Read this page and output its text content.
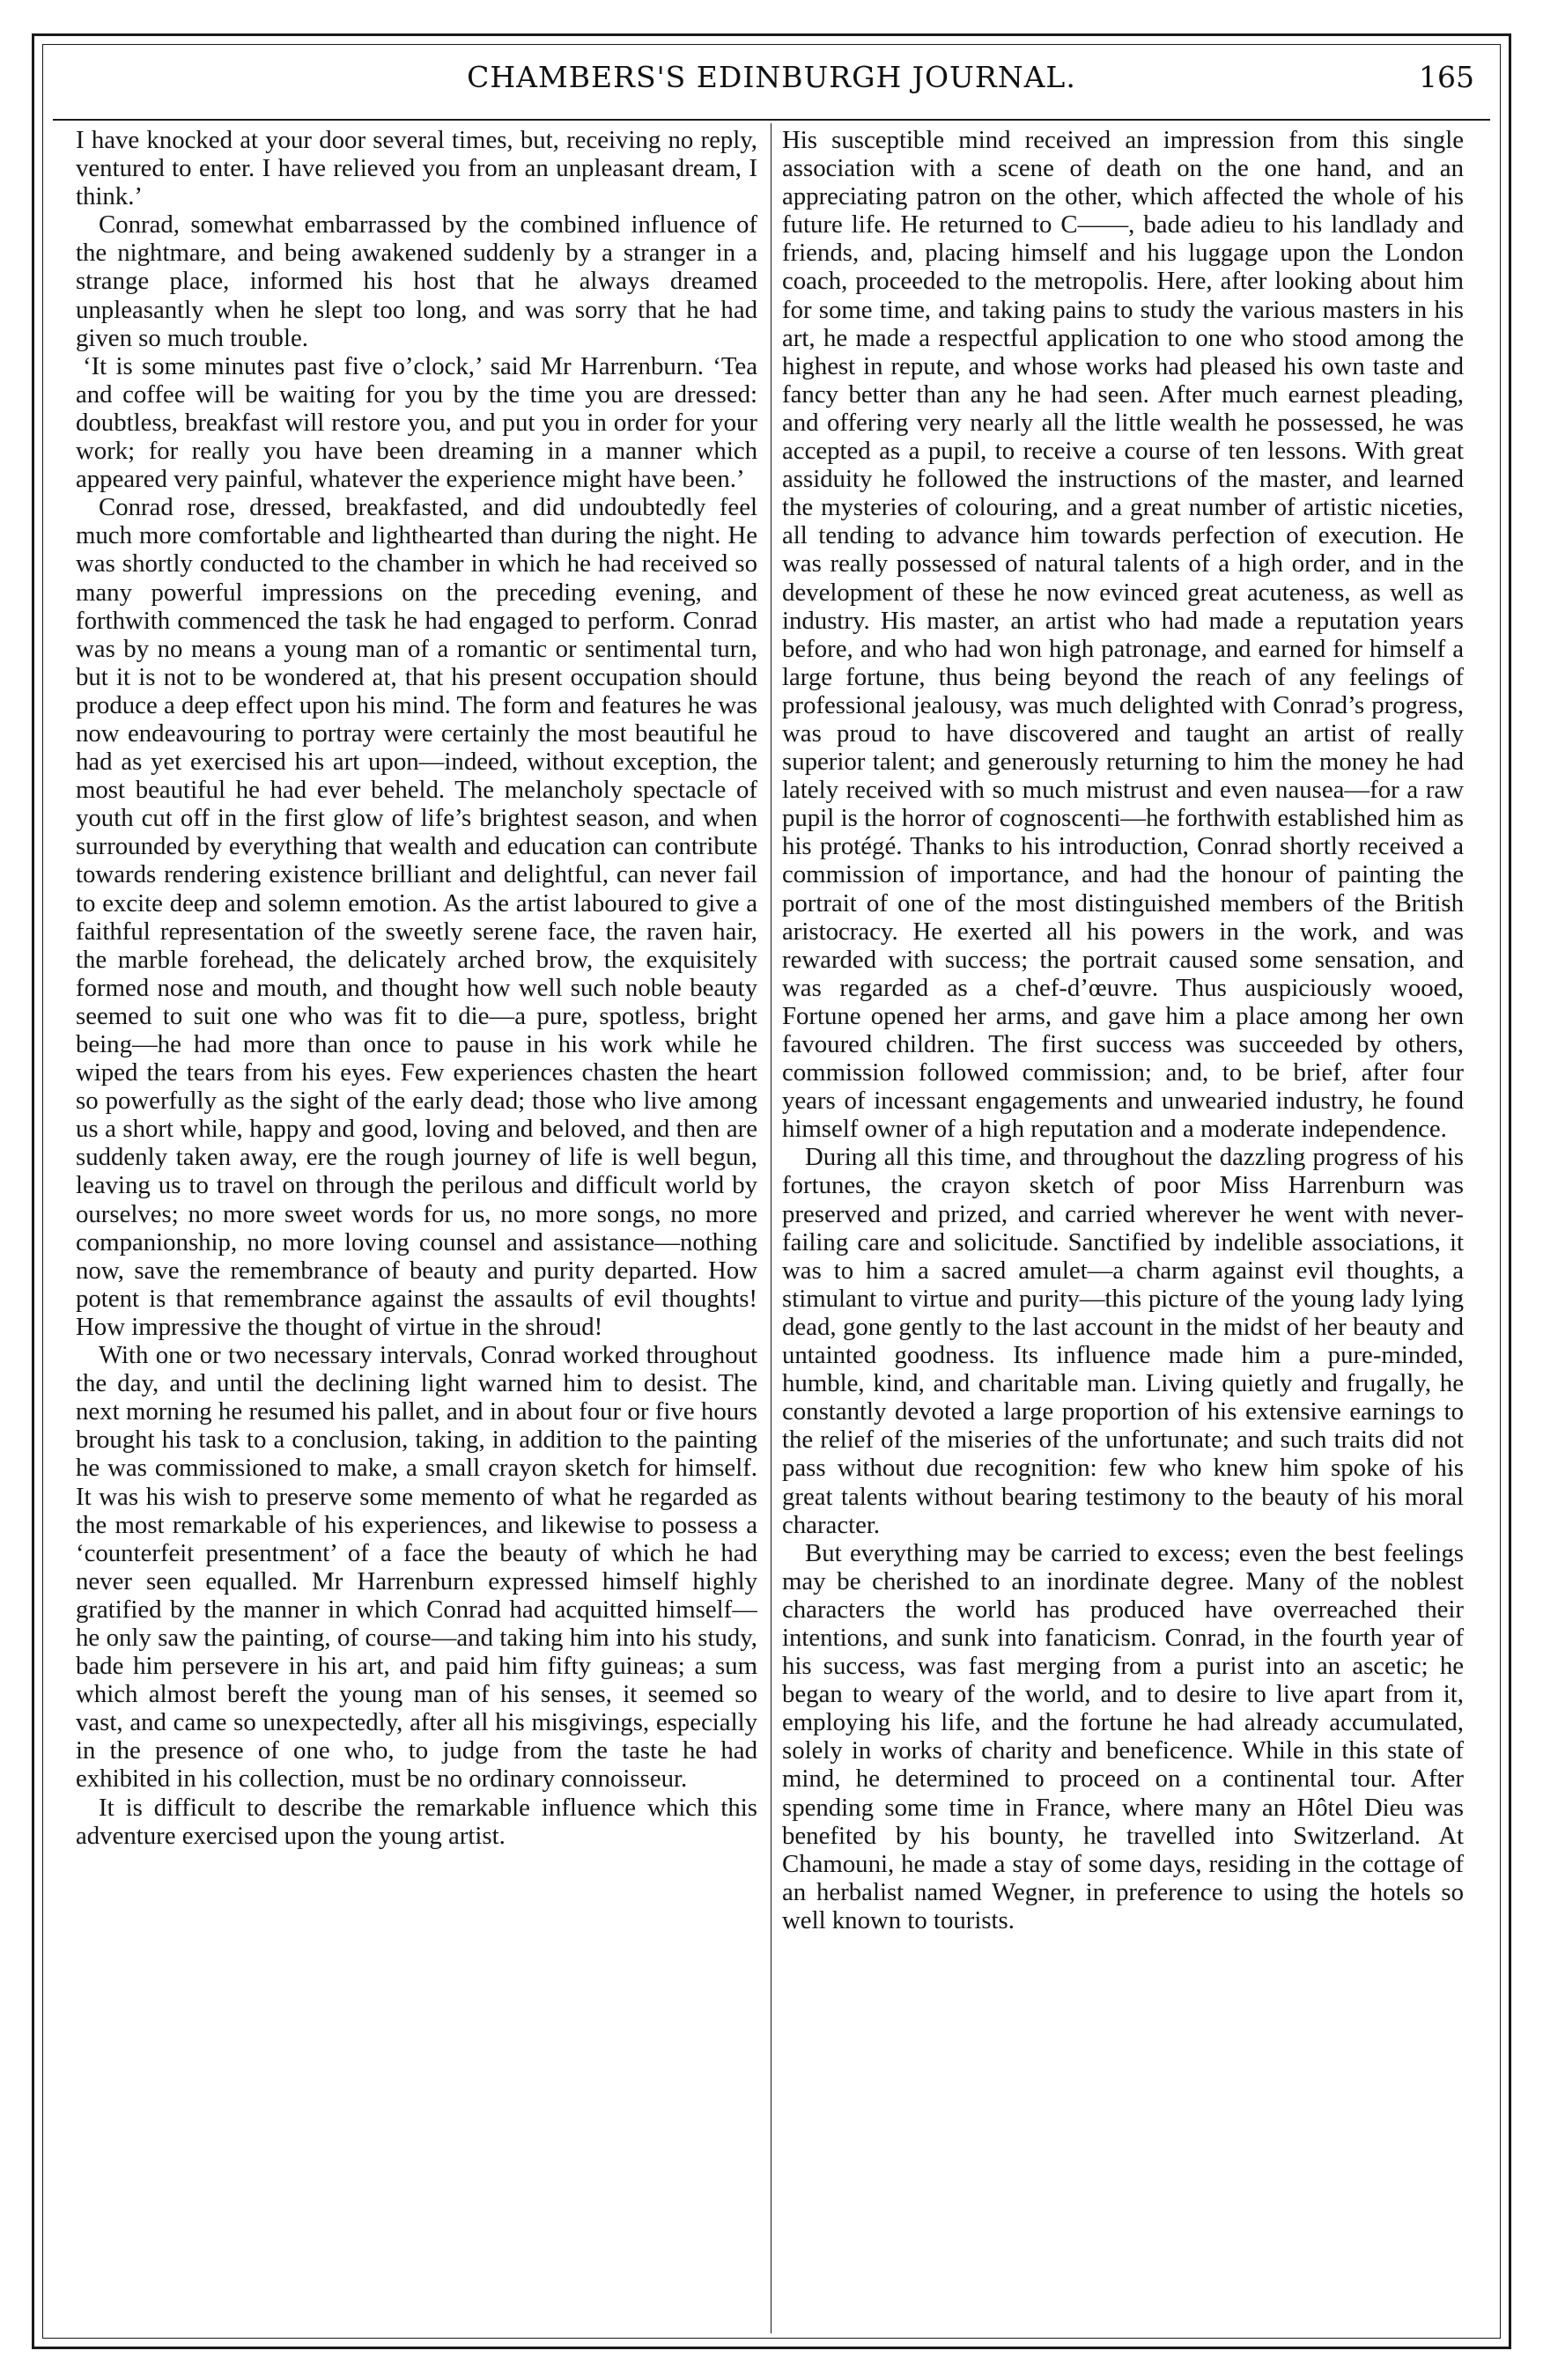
CHAMBERS'S EDINBURGH JOURNAL.	165

I have knocked at your door several times, but, receiving no reply, ventured to enter. I have relieved you from an unpleasant dream, I think.’

Conrad, somewhat embarrassed by the combined influence of the nightmare, and being awakened suddenly by a stranger in a strange place, informed his host that he always dreamed unpleasantly when he slept too long, and was sorry that he had given so much trouble.

‘It is some minutes past five o’clock,’ said Mr Harrenburn. ‘Tea and coffee will be waiting for you by the time you are dressed: doubtless, breakfast will restore you, and put you in order for your work; for really you have been dreaming in a manner which appeared very painful, whatever the experience might have been.’

Conrad rose, dressed, breakfasted, and did undoubtedly feel much more comfortable and lighthearted than during the night. He was shortly conducted to the chamber in which he had received so many powerful impressions on the preceding evening, and forthwith commenced the task he had engaged to perform. Conrad was by no means a young man of a romantic or sentimental turn, but it is not to be wondered at, that his present occupation should produce a deep effect upon his mind. The form and features he was now endeavouring to portray were certainly the most beautiful he had as yet exercised his art upon—indeed, without exception, the most beautiful he had ever beheld. The melancholy spectacle of youth cut off in the first glow of life’s brightest season, and when surrounded by everything that wealth and education can contribute towards rendering existence brilliant and delightful, can never fail to excite deep and solemn emotion. As the artist laboured to give a faithful representation of the sweetly serene face, the raven hair, the marble forehead, the delicately arched brow, the exquisitely formed nose and mouth, and thought how well such noble beauty seemed to suit one who was fit to die—a pure, spotless, bright being—he had more than once to pause in his work while he wiped the tears from his eyes. Few experiences chasten the heart so powerfully as the sight of the early dead; those who live among us a short while, happy and good, loving and beloved, and then are suddenly taken away, ere the rough journey of life is well begun, leaving us to travel on through the perilous and difficult world by ourselves; no more sweet words for us, no more songs, no more companionship, no more loving counsel and assistance—nothing now, save the remembrance of beauty and purity departed. How potent is that remembrance against the assaults of evil thoughts! How impressive the thought of virtue in the shroud!

With one or two necessary intervals, Conrad worked throughout the day, and until the declining light warned him to desist. The next morning he resumed his pallet, and in about four or five hours brought his task to a conclusion, taking, in addition to the painting he was commissioned to make, a small crayon sketch for himself. It was his wish to preserve some memento of what he regarded as the most remarkable of his experiences, and likewise to possess a ‘counterfeit presentment’ of a face the beauty of which he had never seen equalled. Mr Harrenburn expressed himself highly gratified by the manner in which Conrad had acquitted himself—he only saw the painting, of course—and taking him into his study, bade him persevere in his art, and paid him fifty guineas; a sum which almost bereft the young man of his senses, it seemed so vast, and came so unexpectedly, after all his misgivings, especially in the presence of one who, to judge from the taste he had exhibited in his collection, must be no ordinary connoisseur.

It is difficult to describe the remarkable influence which this adventure exercised upon the young artist.

His susceptible mind received an impression from this single association with a scene of death on the one hand, and an appreciating patron on the other, which affected the whole of his future life. He returned to C——, bade adieu to his landlady and friends, and, placing himself and his luggage upon the London coach, proceeded to the metropolis. Here, after looking about him for some time, and taking pains to study the various masters in his art, he made a respectful application to one who stood among the highest in repute, and whose works had pleased his own taste and fancy better than any he had seen. After much earnest pleading, and offering very nearly all the little wealth he possessed, he was accepted as a pupil, to receive a course of ten lessons. With great assiduity he followed the instructions of the master, and learned the mysteries of colouring, and a great number of artistic niceties, all tending to advance him towards perfection of execution. He was really possessed of natural talents of a high order, and in the development of these he now evinced great acuteness, as well as industry. His master, an artist who had made a reputation years before, and who had won high patronage, and earned for himself a large fortune, thus being beyond the reach of any feelings of professional jealousy, was much delighted with Conrad’s progress, was proud to have discovered and taught an artist of really superior talent; and generously returning to him the money he had lately received with so much mistrust and even nausea—for a raw pupil is the horror of cognoscenti—he forthwith established him as his protégé. Thanks to his introduction, Conrad shortly received a commission of importance, and had the honour of painting the portrait of one of the most distinguished members of the British aristocracy. He exerted all his powers in the work, and was rewarded with success; the portrait caused some sensation, and was regarded as a chef-d’œuvre. Thus auspiciously wooed, Fortune opened her arms, and gave him a place among her own favoured children. The first success was succeeded by others, commission followed commission; and, to be brief, after four years of incessant engagements and unwearied industry, he found himself owner of a high reputation and a moderate independence.

During all this time, and throughout the dazzling progress of his fortunes, the crayon sketch of poor Miss Harrenburn was preserved and prized, and carried wherever he went with never-failing care and solicitude. Sanctified by indelible associations, it was to him a sacred amulet—a charm against evil thoughts, a stimulant to virtue and purity—this picture of the young lady lying dead, gone gently to the last account in the midst of her beauty and untainted goodness. Its influence made him a pure-minded, humble, kind, and charitable man. Living quietly and frugally, he constantly devoted a large proportion of his extensive earnings to the relief of the miseries of the unfortunate; and such traits did not pass without due recognition: few who knew him spoke of his great talents without bearing testimony to the beauty of his moral character.

But everything may be carried to excess; even the best feelings may be cherished to an inordinate degree. Many of the noblest characters the world has produced have overreached their intentions, and sunk into fanaticism. Conrad, in the fourth year of his success, was fast merging from a purist into an ascetic; he began to weary of the world, and to desire to live apart from it, employing his life, and the fortune he had already accumulated, solely in works of charity and beneficence. While in this state of mind, he determined to proceed on a continental tour. After spending some time in France, where many an Hôtel Dieu was benefited by his bounty, he travelled into Switzerland. At Chamouni, he made a stay of some days, residing in the cottage of an herbalist named Wegner, in preference to using the hotels so well known to tourists.
